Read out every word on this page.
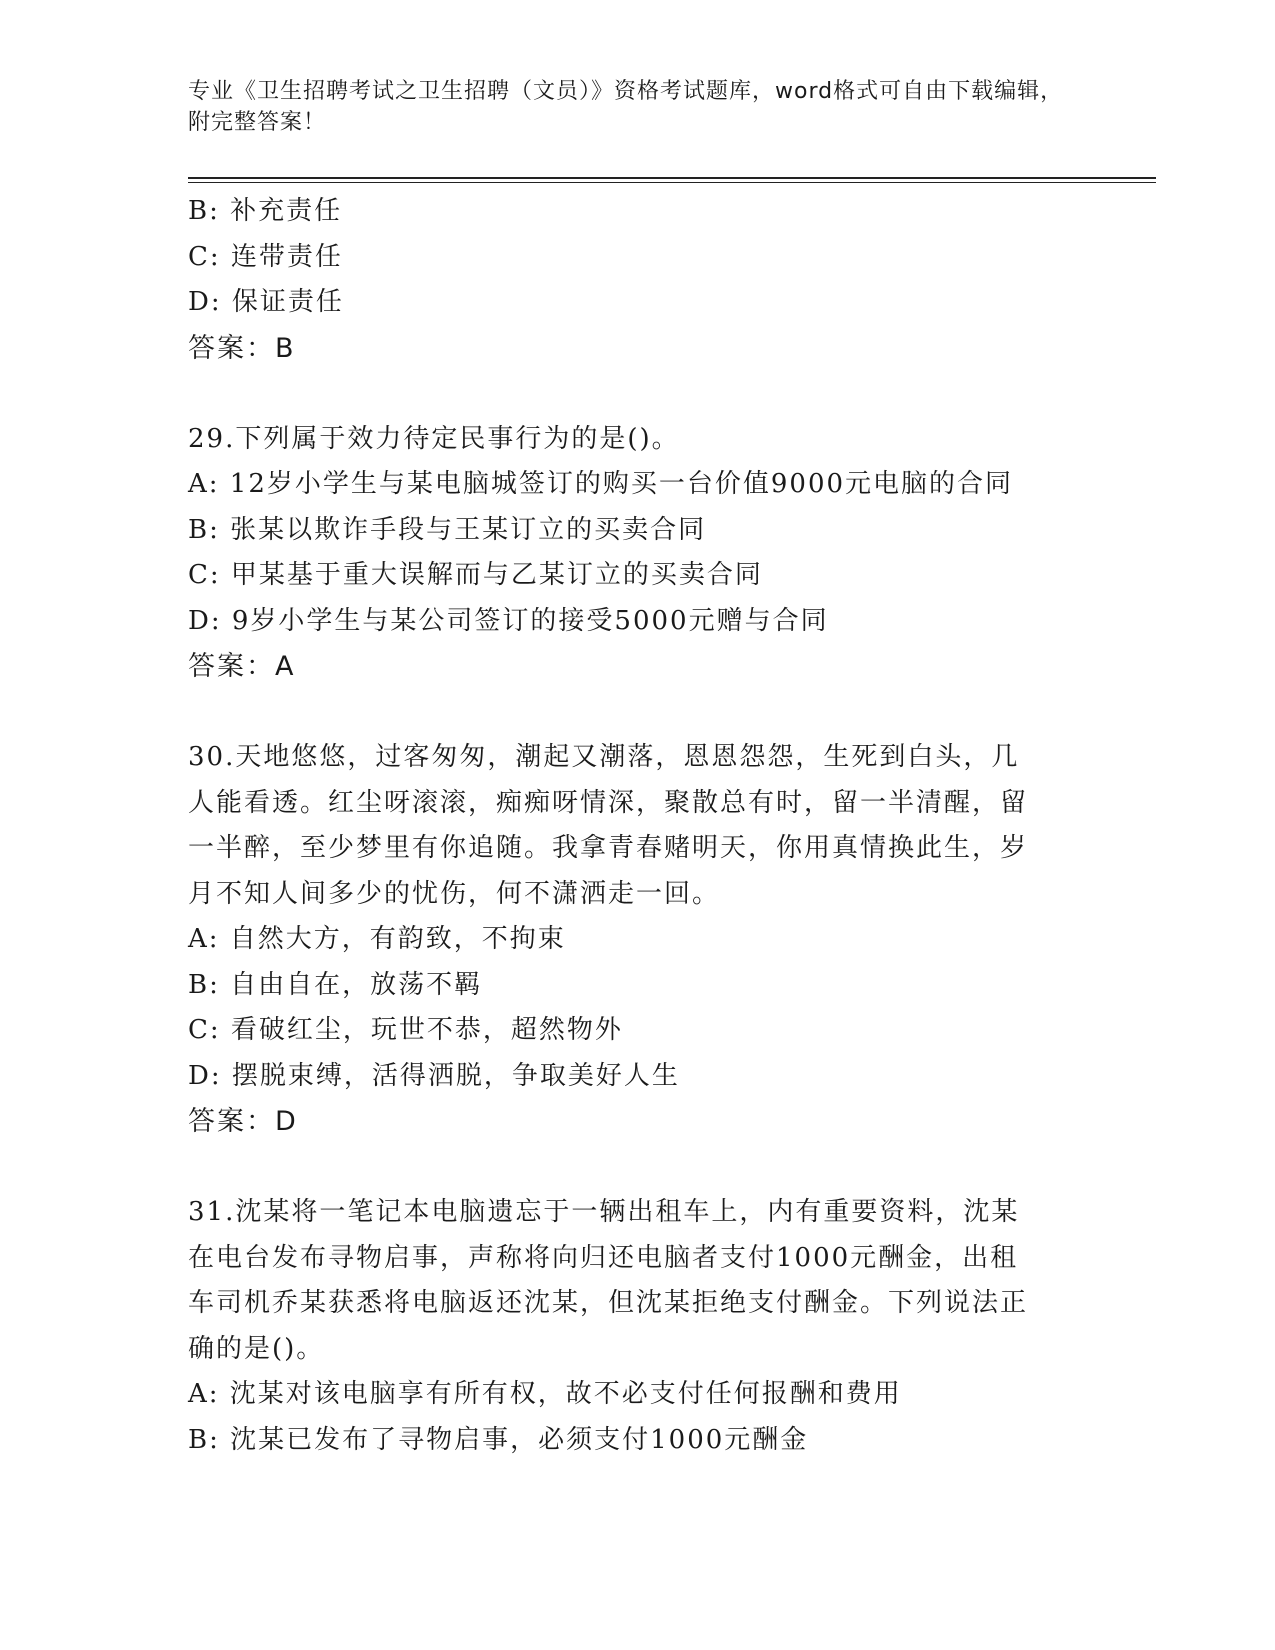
专业《卫生招聘考试之卫生招聘（文员）》资格考试题库，word格式可自由下载编辑，附完整答案！
B: 补充责任
C: 连带责任
D: 保证责任
答案：B
29.下列属于效力待定民事行为的是()。
A: 12岁小学生与某电脑城签订的购买一台价值9000元电脑的合同
B: 张某以欺诈手段与王某订立的买卖合同
C: 甲某基于重大误解而与乙某订立的买卖合同
D: 9岁小学生与某公司签订的接受5000元赠与合同
答案：A
30.天地悠悠，过客匆匆，潮起又潮落，恩恩怨怨，生死到白头，几人能看透。红尘呀滚滚，痴痴呀情深，聚散总有时，留一半清醒，留一半醉，至少梦里有你追随。我拿青春赌明天，你用真情换此生，岁月不知人间多少的忧伤，何不潇洒走一回。
A: 自然大方，有韵致，不拘束
B: 自由自在，放荡不羁
C: 看破红尘，玩世不恭，超然物外
D: 摆脱束缚，活得洒脱，争取美好人生
答案：D
31.沈某将一笔记本电脑遗忘于一辆出租车上，内有重要资料，沈某在电台发布寻物启事，声称将向归还电脑者支付1000元酬金，出租车司机乔某获悉将电脑返还沈某，但沈某拒绝支付酬金。下列说法正确的是()。
A: 沈某对该电脑享有所有权，故不必支付任何报酬和费用
B: 沈某已发布了寻物启事，必须支付1000元酬金
